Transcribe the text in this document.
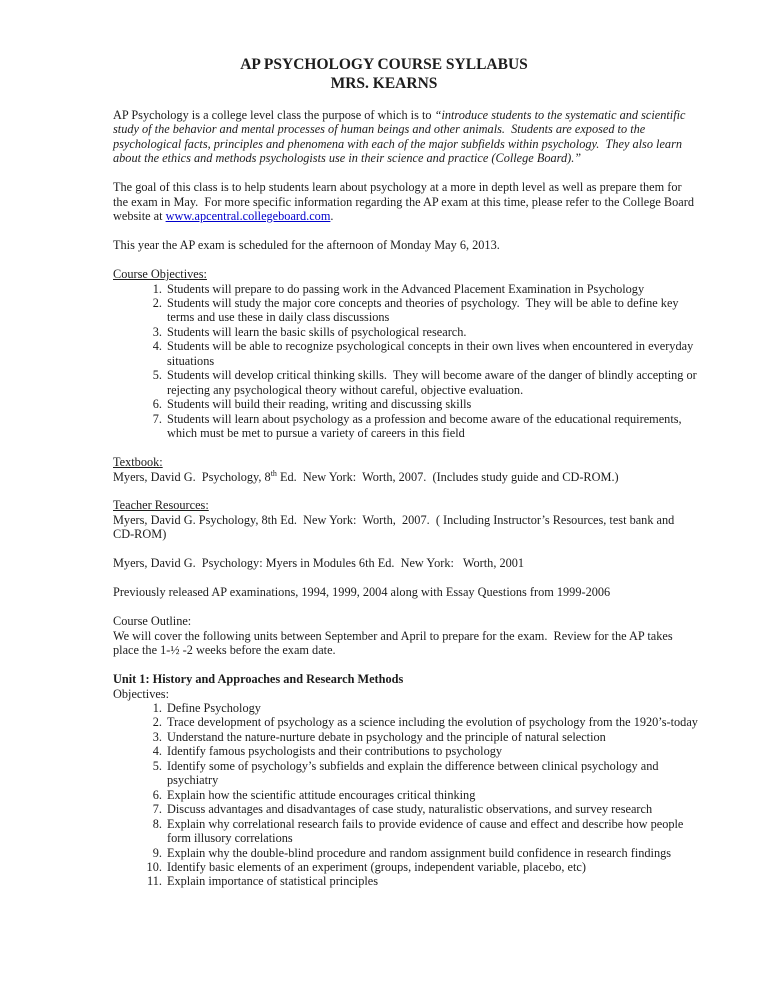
AP PSYCHOLOGY COURSE SYLLABUS
MRS. KEARNS

AP Psychology is a college level class the purpose of which is to “introduce students to the systematic and scientific study of the behavior and mental processes of human beings and other animals.  Students are exposed to the psychological facts, principles and phenomena with each of the major subfields within psychology.  They also learn about the ethics and methods psychologists use in their science and practice (College Board).”

The goal of this class is to help students learn about psychology at a more in depth level as well as prepare them for the exam in May.  For more specific information regarding the AP exam at this time, please refer to the College Board website at www.apcentral.collegeboard.com.

This year the AP exam is scheduled for the afternoon of Monday May 6, 2013.

Course Objectives:

1. Students will prepare to do passing work in the Advanced Placement Examination in Psychology
2. Students will study the major core concepts and theories of psychology.  They will be able to define key terms and use these in daily class discussions
3. Students will learn the basic skills of psychological research.
4. Students will be able to recognize psychological concepts in their own lives when encountered in everyday situations
5. Students will develop critical thinking skills.  They will become aware of the danger of blindly accepting or rejecting any psychological theory without careful, objective evaluation.
6. Students will build their reading, writing and discussing skills
7. Students will learn about psychology as a profession and become aware of the educational requirements, which must be met to pursue a variety of careers in this field

Textbook:

Myers, David G.  Psychology, 8th Ed.  New York:  Worth, 2007.  (Includes study guide and CD-ROM.)

Teacher Resources:

Myers, David G. Psychology, 8th Ed.  New York:  Worth,  2007.  ( Including Instructor’s Resources, test bank and CD-ROM)

Myers, David G.  Psychology: Myers in Modules 6th Ed.  New York:   Worth, 2001

Previously released AP examinations, 1994, 1999, 2004 along with Essay Questions from 1999-2006

Course Outline:

We will cover the following units between September and April to prepare for the exam.  Review for the AP takes place the 1-½ -2 weeks before the exam date.

Unit 1: History and Approaches and Research Methods

Objectives:

1. Define Psychology
2. Trace development of psychology as a science including the evolution of psychology from the 1920’s-today
3. Understand the nature-nurture debate in psychology and the principle of natural selection
4. Identify famous psychologists and their contributions to psychology
5. Identify some of psychology’s subfields and explain the difference between clinical psychology and psychiatry
6. Explain how the scientific attitude encourages critical thinking
7. Discuss advantages and disadvantages of case study, naturalistic observations, and survey research
8. Explain why correlational research fails to provide evidence of cause and effect and describe how people form illusory correlations
9. Explain why the double-blind procedure and random assignment build confidence in research findings
10. Identify basic elements of an experiment (groups, independent variable, placebo, etc)
11. Explain importance of statistical principles
